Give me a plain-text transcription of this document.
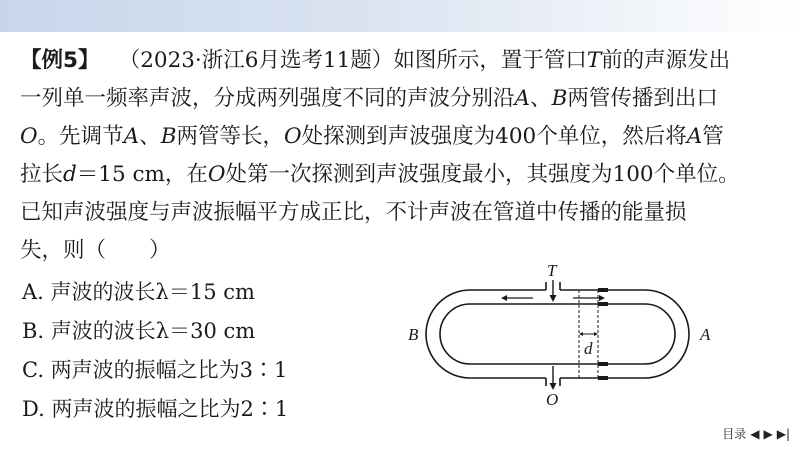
【例5】 （2023·浙江6月选考11题）如图所示，置于管口T前的声源发出
一列单一频率声波，分成两列强度不同的声波分别沿A、B两管传播到出口
O。先调节A、B两管等长，O处探测到声波强度为400个单位，然后将A管
拉长d＝15 cm，在O处第一次探测到声波强度最小，其强度为100个单位。
已知声波强度与声波振幅平方成正比，不计声波在管道中传播的能量损
失，则（　　）
A. 声波的波长λ＝15 cm
B. 声波的波长λ＝30 cm
C. 两声波的振幅之比为3∶1
D. 两声波的振幅之比为2∶1
T
O
B	A
d
目录 ◀ ▶ ▶|
